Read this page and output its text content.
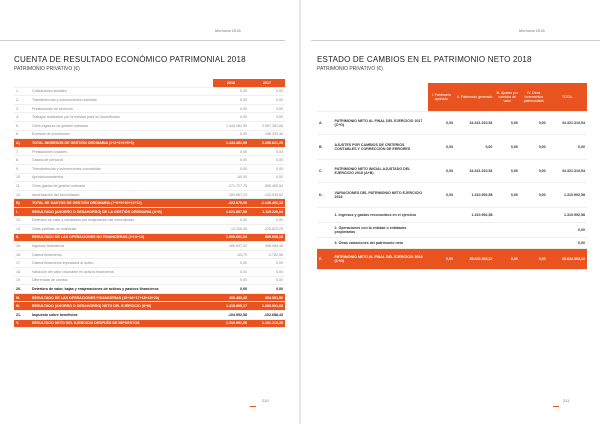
Memoria 2018
CUENTA DE RESULTADO ECONÓMICO PATRIMONIAL 2018
PATRIMONIO PRIVATIVO (€)
		2018	2017
1.	Cotizaciones sociales	0,00	0,00
2.	Transferencias y subvenciones recibidas	0,00	0,00
3.	Prestaciones de servicios	0,00	0,00
4.	Trabajos realizados por la entidad para su inmovilizado	0,00	0,00
5.	Otros ingresos de gestión ordinaria	1.444.482,99	2.057.281,84
6.	Excesos de provisiones	0,00	198.339,36
A)	TOTAL INGRESOS DE GESTIÓN ORDINARIA (1+2+3+4+5+6)	1.444.482,99	2.255.621,20
7.	Prestaciones sociales	0,00	0,00
8.	Gastos de personal	0,00	0,00
9.	Transferencias y subvenciones concedidas	0,00	0,00
10.	Aprovisionamientos	-60,00	0,00
11.	Otros gastos de gestión ordinaria	-271.727,76	-995.465,54
12.	Amortización del inmovilizado	-150.887,24	-144.935,62
B)	TOTAL DE GASTOS DE GESTIÓN ORDINARIA (7+8+9+10+11+12)	-422.675,00	-1.140.401,16
I.	RESULTADO (AHORRO O DESAHORRO) DE LA GESTIÓN ORDINARIA (A+B)	1.021.807,99	1.115.220,04
13.	Deterioro de valor y resultados por enajenación del inmovilizado	0,00	0,00
14.	Otras partidas no ordinarias	-12.206,45	-225.622,29
II.	RESULTADO DE LAS OPERACIONES NO FINANCIERAS (I+13+14)	1.009.601,54	889.598,18
15.	Ingresos financieros	406.547,22	398.084,46
16.	Gastos financieros	-63,79	-3.782,96
17.	Gastos financieros imputados al activo	0,00	0,00
18.	Variación del valor razonable en activos financieros	0,00	0,00
19.	Diferencias de cambio	0,00	0,00
20.	Deterioro de valor, bajas y enajenaciones de activos y pasivos financieros	0,00	0,00
III.	RESULTADO DE LAS OPERACIONES FINANCIERAS (15+16+17+18+19+20)	406.483,43	394.301,50
IV.	RESULTADO (AHORRO O DESAHORRO) NETO DEL EJERCICIO (II+III)	1.415.985,17	1.283.901,68
21.	Impuesto sobre beneficios	-104.992,58	-102.688,43
V.	RESULTADO NETO DEL EJERCICIO DESPUÉS DE IMPUESTOS	1.310.992,58	1.181.213,25
210
Memoria 2018
ESTADO DE CAMBIOS EN EL PATRIMONIO NETO 2018
PATRIMONIO PRIVATIVO (€)
		I. Patrimonio aportado	II. Patrimonio generado	III. Ajustes por cambios de valor	IV. Otros incrementos patrimoniales	TOTAL
A.	PATRIMONIO NETO AL FINAL DEL EJERCICIO 2017 (C+D)	0,00	34.321.310,54	0,00	0,00	34.321.310,54
B.	AJUSTES POR CAMBIOS DE CRITERIOS CONTABLES Y CORRECCIÓN DE ERRORES	0,00	0,00	0,00	0,00	0,00
C.	PATRIMONIO NETO INICIAL AJUSTADO DEL EJERCICIO 2018 (A+B)	0,00	34.321.310,54	0,00	0,00	34.321.310,54
D.	VARIACIONES DEL PATRIMONIO NETO EJERCICIO 2018	0,00	1.310.992,58	0,00	0,00	1.310.992,58
	1. Ingresos y gastos reconocidos en el ejercicio		1.310.992,58			1.310.992,58
	2. Operaciones con la entidad o entidades propietarias					0,00
	3. Otras variaciones del patrimonio neto					0,00
E.	PATRIMONIO NETO AL FINAL DEL EJERCICIO 2018 (C+D)	0,00	35.632.303,12	0,00	0,00	35.632.303,12
211
